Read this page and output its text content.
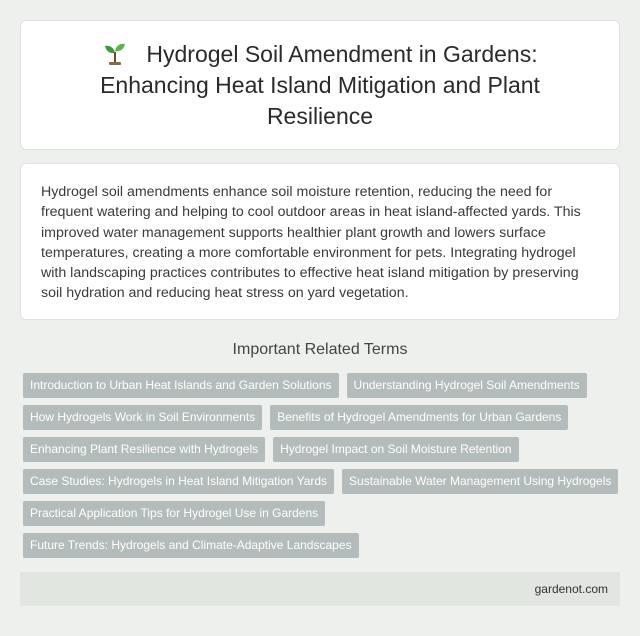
Hydrogel Soil Amendment in Gardens: Enhancing Heat Island Mitigation and Plant Resilience

Hydrogel soil amendments enhance soil moisture retention, reducing the need for frequent watering and helping to cool outdoor areas in heat island-affected yards. This improved water management supports healthier plant growth and lowers surface temperatures, creating a more comfortable environment for pets. Integrating hydrogel with landscaping practices contributes to effective heat island mitigation by preserving soil hydration and reducing heat stress on yard vegetation.

Important Related Terms
Introduction to Urban Heat Islands and Garden Solutions	Understanding Hydrogel Soil Amendments
How Hydrogels Work in Soil Environments	Benefits of Hydrogel Amendments for Urban Gardens
Enhancing Plant Resilience with Hydrogels	Hydrogel Impact on Soil Moisture Retention
Case Studies: Hydrogels in Heat Island Mitigation Yards	Sustainable Water Management Using Hydrogels
Practical Application Tips for Hydrogel Use in Gardens
Future Trends: Hydrogels and Climate-Adaptive Landscapes
gardenot.com
